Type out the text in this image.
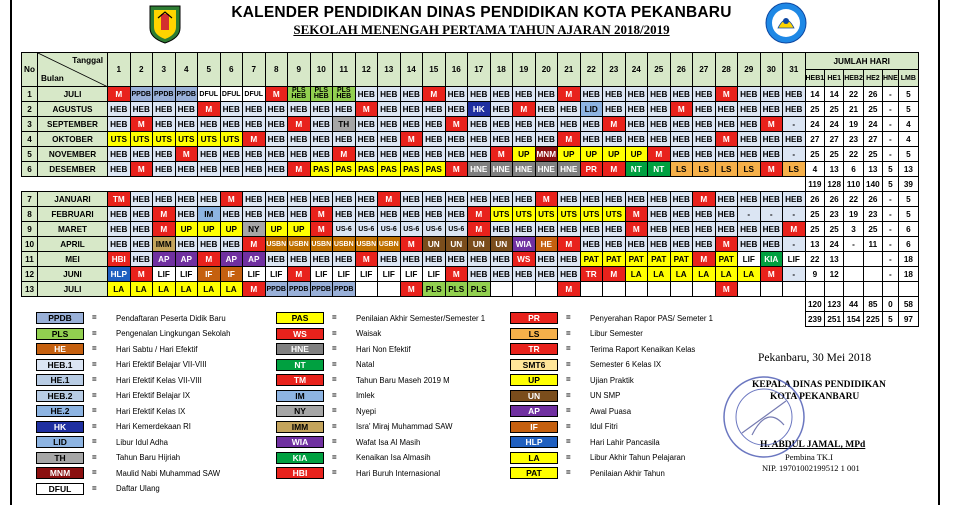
KALENDER PENDIDIKAN DINAS PENDIDIKAN KOTA PEKANBARU
SEKOLAH MENENGAH PERTAMA TAHUN AJARAN 2018/2019
No	Tanggal
Bulan	1	2	3	4	5	6	7	8	9	10	11	12	13	14	15	16	17	18	19	20	21	22	23	24	25	26	27	28	29	30	31	JUMLAH HARI					
																																	HEB1	HE1	HEB2	HE2	HNE	LMB
1	JULI	M	PPDB	PPDB	PPDB	DFUL	DFUL	DFUL	M	PLS HEB	PLS HEB	PLS HEB	HEB	HEB	HEB	M	HEB	HEB	HEB	HEB	HEB	M	HEB	HEB	HEB	HEB	HEB	HEB	M	HEB	HEB	HEB	14	14	22	26	-	5
2	AGUSTUS	HEB	HEB	HEB	HEB	M	HEB	HEB	HEB	HEB	HEB	HEB	M	HEB	HEB	HEB	HEB	HK	HEB	M	HEB	HEB	LID	HEB	HEB	HEB	M	HEB	HEB	HEB	HEB	HEB	25	25	21	25	-	5
3	SEPTEMBER	HEB	M	HEB	HEB	HEB	HEB	HEB	HEB	M	HEB	TH	HEB	HEB	HEB	HEB	M	HEB	HEB	HEB	HEB	HEB	HEB	M	HEB	HEB	HEB	HEB	HEB	HEB	M	-	24	24	19	24	-	4
4	OKTOBER	UTS	UTS	UTS	UTS	UTS	UTS	M	HEB	HEB	HEB	HEB	HEB	HEB	M	HEB	HEB	HEB	HEB	HEB	HEB	M	HEB	HEB	HEB	HEB	HEB	HEB	M	HEB	HEB	HEB	27	27	23	27	-	4
5	NOVEMBER	HEB	HEB	HEB	M	HEB	HEB	HEB	HEB	HEB	HEB	M	HEB	HEB	HEB	HEB	HEB	HEB	M	UP	MNM	UP	UP	UP	UP	M	HEB	HEB	HEB	HEB	HEB	-	25	25	22	25	-	5
6	DESEMBER	HEB	M	HEB	HEB	HEB	HEB	HEB	HEB	M	PAS	PAS	PAS	PAS	PAS	PAS	M	HNE	HNE	HNE	HNE	HNE	PR	M	NT	NT	LS	LS	LS	LS	M	LS	4	13	6	13	5	13
																																	119	128	110	140	5	39
7	JANUARI	TM	HEB	HEB	HEB	HEB	M	HEB	HEB	HEB	HEB	HEB	HEB	M	HEB	HEB	HEB	HEB	HEB	HEB	M	HEB	HEB	HEB	HEB	HEB	HEB	M	HEB	HEB	HEB	HEB	26	26	22	26	-	5
8	FEBRUARI	HEB	HEB	M	HEB	IM	HEB	HEB	HEB	HEB	M	HEB	HEB	HEB	HEB	HEB	HEB	M	UTS	UTS	UTS	UTS	UTS	UTS	M	HEB	HEB	HEB	HEB	-	-	-	25	23	19	23	-	5
9	MARET	HEB	HEB	M	UP	UP	UP	NY	UP	UP	M	US-6	US-6	US-6	US-6	US-6	US-6	M	HEB	HEB	HEB	HEB	HEB	HEB	M	HEB	HEB	HEB	HEB	HEB	HEB	M	25	25	3	25	-	6
10	APRIL	HEB	HEB	IMM	HEB	HEB	HEB	M	USBN	USBN	USBN	USBN	USBN	USBN	M	UN	UN	UN	UN	WIA	HE	M	HEB	HEB	HEB	HEB	HEB	HEB	M	HEB	HEB	-	13	24	-	11	-	6
11	MEI	HBI	HEB	AP	AP	M	AP	AP	HEB	HEB	HEB	HEB	M	HEB	HEB	HEB	HEB	HEB	HEB	WS	HEB	HEB	PAT	PAT	PAT	PAT	PAT	M	PAT	LIF	KIA	LIF	22	13			-	18
12	JUNI	HLP	M	LIF	LIF	IF	IF	LIF	LIF	M	LIF	LIF	LIF	LIF	LIF	LIF	M	HEB	HEB	HEB	HEB	HEB	TR	M	LA	LA	LA	LA	LA	LA	M	-	9	12			-	18
13	JULI	LA	LA	LA	LA	LA	LA	M	PPDB	PPDB	PPDB	PPDB			M	PLS	PLS	PLS				M							M									
																																	120	123	44	85	0	58
																																	239	251	154	225	5	97
PPDB	= Pendaftaran Peserta Didik Baru
PLS	= Pengenalan Lingkungan Sekolah
HE	= Hari Sabtu / Hari Efektif
HEB.1	= Hari Efektif Belajar VII-VIII
HE.1	= Hari Efektif Kelas VII-VIII
HEB.2	= Hari Efektif Belajar IX
HE.2	= Hari Efektif Kelas IX
HK	= Hari Kemerdekaan RI
LID	= Libur Idul Adha
TH	= Tahun Baru Hijriah
MNM	= Maulid Nabi Muhammad SAW
DFUL	= Daftar Ulang
PAS	= Penilaian Akhir Semester/Semester 1
WS	= Waisak
HNE	= Hari Non Efektif
NT	= Natal
TM	= Tahun Baru Maseh 2019 M
IM	= Imlek
NY	= Nyepi
IMM	= Isra' Miraj Muhammad SAW
WIA	= Wafat Isa Al Masih
KIA	= Kenaikan Isa Almasih
HBI	= Hari Buruh Internasional
PR	= Penyerahan Rapor PAS/ Semeter 1
LS	= Libur Semester
TR	= Terima Raport Kenaikan Kelas
SMT6	= Semester 6 Kelas IX
UP	= Ujian Praktik
UN	= UN SMP
AP	= Awal Puasa
IF	= Idul Fitri
HLP	= Hari Lahir Pancasila
LA	= Libur Akhir Tahun Pelajaran
PAT	= Penilaian Akhir Tahun
Pekanbaru, 30 Mei 2018
KEPALA DINAS PENDIDIKAN
KOTA PEKANBARU
H. ABDUL JAMAL, MPd
Pembina TK.I
NIP. 19701002199512 1 001
